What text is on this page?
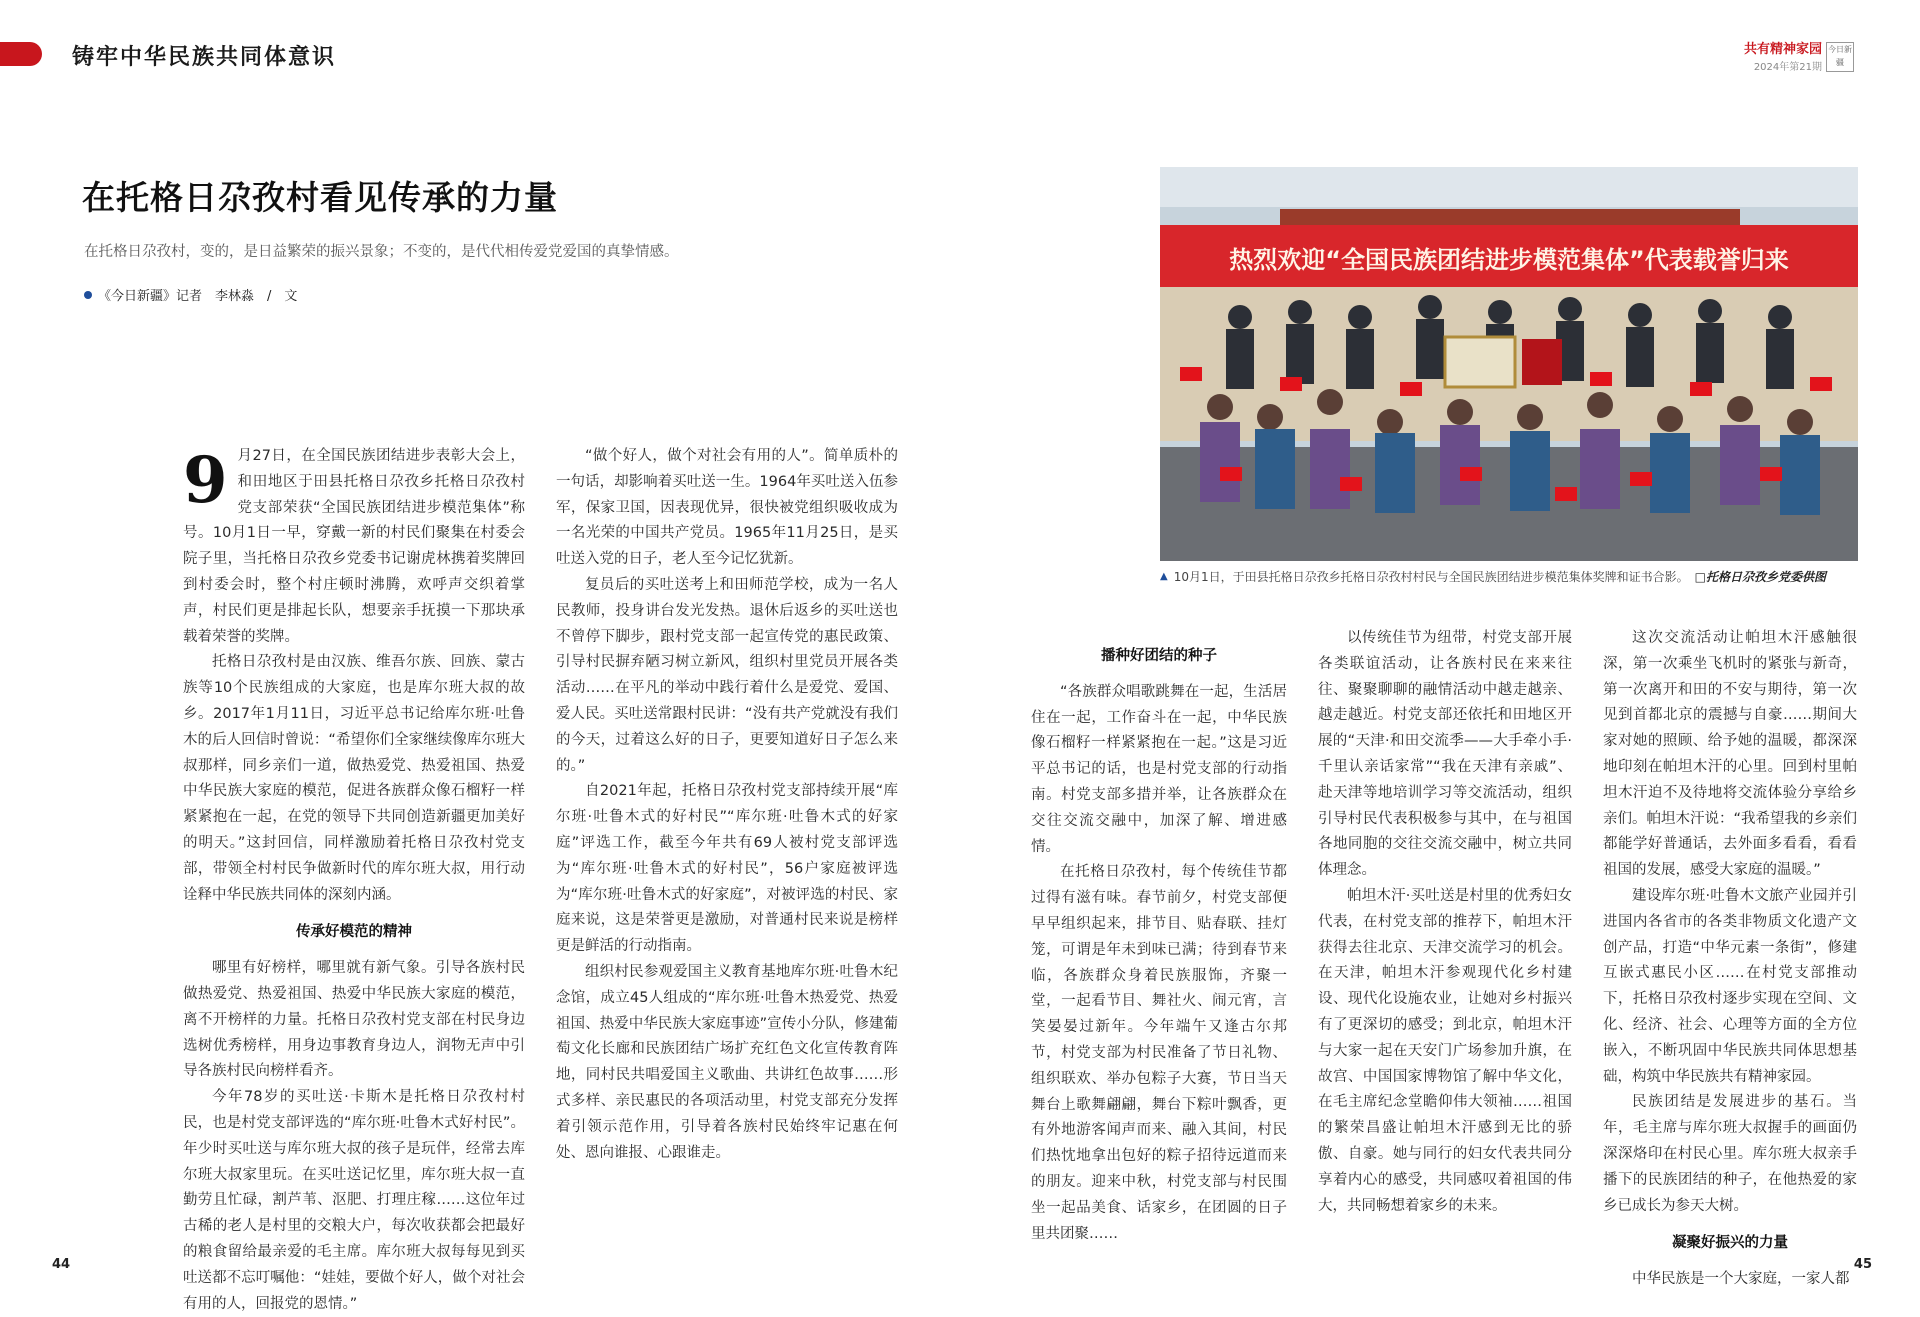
铸牢中华民族共同体意识	共有精神家园
2024年第21期
今日新疆
在托格日尕孜村看见传承的力量
在托格日尕孜村，变的，是日益繁荣的振兴景象；不变的，是代代相传爱党爱国的真挚情感。
《今日新疆》记者　李林淼　/　文
热烈欢迎“全国民族团结进步模范集体”代表载誉归来
▲ 10月1日，于田县托格日尕孜乡托格日尕孜村村民与全国民族团结进步模范集体奖牌和证书合影。 □托格日尕孜乡党委供图

9 月27日，在全国民族团结进步表彰大会上，和田地区于田县托格日尕孜乡托格日尕孜村党支部荣获“全国民族团结进步模范集体”称号。10月1日一早，穿戴一新的村民们聚集在村委会院子里，当托格日尕孜乡党委书记谢虎林携着奖牌回到村委会时，整个村庄顿时沸腾，欢呼声交织着掌声，村民们更是排起长队，想要亲手抚摸一下那块承载着荣誉的奖牌。

托格日尕孜村是由汉族、维吾尔族、回族、蒙古族等10个民族组成的大家庭，也是库尔班大叔的故乡。2017年1月11日，习近平总书记给库尔班·吐鲁木的后人回信时曾说：“希望你们全家继续像库尔班大叔那样，同乡亲们一道，做热爱党、热爱祖国、热爱中华民族大家庭的模范，促进各族群众像石榴籽一样紧紧抱在一起，在党的领导下共同创造新疆更加美好的明天。”这封回信，同样激励着托格日尕孜村党支部，带领全村村民争做新时代的库尔班大叔，用行动诠释中华民族共同体的深刻内涵。

传承好模范的精神

哪里有好榜样，哪里就有新气象。引导各族村民做热爱党、热爱祖国、热爱中华民族大家庭的模范，离不开榜样的力量。托格日尕孜村党支部在村民身边选树优秀榜样，用身边事教育身边人，润物无声中引导各族村民向榜样看齐。

今年78岁的买吐送·卡斯木是托格日尕孜村村民，也是村党支部评选的“库尔班·吐鲁木式好村民”。年少时买吐送与库尔班大叔的孩子是玩伴，经常去库尔班大叔家里玩。在买吐送记忆里，库尔班大叔一直勤劳且忙碌，割芦苇、沤肥、打理庄稼……这位年过古稀的老人是村里的交粮大户，每次收获都会把最好的粮食留给最亲爱的毛主席。库尔班大叔每每见到买吐送都不忘叮嘱他：“娃娃，要做个好人，做个对社会有用的人，回报党的恩情。”

“做个好人，做个对社会有用的人”。简单质朴的一句话，却影响着买吐送一生。1964年买吐送入伍参军，保家卫国，因表现优异，很快被党组织吸收成为一名光荣的中国共产党员。1965年11月25日，是买吐送入党的日子，老人至今记忆犹新。

复员后的买吐送考上和田师范学校，成为一名人民教师，投身讲台发光发热。退休后返乡的买吐送也不曾停下脚步，跟村党支部一起宣传党的惠民政策、引导村民摒弃陋习树立新风，组织村里党员开展各类活动……在平凡的举动中践行着什么是爱党、爱国、爱人民。买吐送常跟村民讲：“没有共产党就没有我们的今天，过着这么好的日子，更要知道好日子怎么来的。”

自2021年起，托格日尕孜村党支部持续开展“库尔班·吐鲁木式的好村民”“库尔班·吐鲁木式的好家庭”评选工作，截至今年共有69人被村党支部评选为“库尔班·吐鲁木式的好村民”，56户家庭被评选为“库尔班·吐鲁木式的好家庭”，对被评选的村民、家庭来说，这是荣誉更是激励，对普通村民来说是榜样更是鲜活的行动指南。

组织村民参观爱国主义教育基地库尔班·吐鲁木纪念馆，成立45人组成的“库尔班·吐鲁木热爱党、热爱祖国、热爱中华民族大家庭事迹”宣传小分队，修建葡萄文化长廊和民族团结广场扩充红色文化宣传教育阵地，同村民共唱爱国主义歌曲、共讲红色故事……形式多样、亲民惠民的各项活动里，村党支部充分发挥着引领示范作用，引导着各族村民始终牢记惠在何处、恩向谁报、心跟谁走。

播种好团结的种子

“各族群众唱歌跳舞在一起，生活居住在一起，工作奋斗在一起，中华民族像石榴籽一样紧紧抱在一起。”这是习近平总书记的话，也是村党支部的行动指南。村党支部多措并举，让各族群众在交往交流交融中，加深了解、增进感情。

在托格日尕孜村，每个传统佳节都过得有滋有味。春节前夕，村党支部便早早组织起来，排节目、贴春联、挂灯笼，可谓是年未到味已满；待到春节来临，各族群众身着民族服饰，齐聚一堂，一起看节目、舞社火、闹元宵，言笑晏晏过新年。今年端午又逢古尔邦节，村党支部为村民准备了节日礼物、组织联欢、举办包粽子大赛，节日当天舞台上歌舞翩翩，舞台下粽叶飘香，更有外地游客闻声而来、融入其间，村民们热忱地拿出包好的粽子招待远道而来的朋友。迎来中秋，村党支部与村民围坐一起品美食、话家乡，在团圆的日子里共团聚……

以传统佳节为纽带，村党支部开展各类联谊活动，让各族村民在来来往往、聚聚聊聊的融情活动中越走越亲、越走越近。村党支部还依托和田地区开展的“天津·和田交流季——大手牵小手·千里认亲话家常”“我在天津有亲戚”、赴天津等地培训学习等交流活动，组织引导村民代表积极参与其中，在与祖国各地同胞的交往交流交融中，树立共同体理念。

帕坦木汗·买吐送是村里的优秀妇女代表，在村党支部的推荐下，帕坦木汗获得去往北京、天津交流学习的机会。在天津，帕坦木汗参观现代化乡村建设、现代化设施农业，让她对乡村振兴有了更深切的感受；到北京，帕坦木汗与大家一起在天安门广场参加升旗，在故宫、中国国家博物馆了解中华文化，在毛主席纪念堂瞻仰伟大领袖……祖国的繁荣昌盛让帕坦木汗感到无比的骄傲、自豪。她与同行的妇女代表共同分享着内心的感受，共同感叹着祖国的伟大，共同畅想着家乡的未来。

这次交流活动让帕坦木汗感触很深，第一次乘坐飞机时的紧张与新奇，第一次离开和田的不安与期待，第一次见到首都北京的震撼与自豪……期间大家对她的照顾、给予她的温暖，都深深地印刻在帕坦木汗的心里。回到村里帕坦木汗迫不及待地将交流体验分享给乡亲们。帕坦木汗说：“我希望我的乡亲们都能学好普通话，去外面多看看，看看祖国的发展，感受大家庭的温暖。”

建设库尔班·吐鲁木文旅产业园并引进国内各省市的各类非物质文化遗产文创产品，打造“中华元素一条街”，修建互嵌式惠民小区……在村党支部推动下，托格日尕孜村逐步实现在空间、文化、经济、社会、心理等方面的全方位嵌入，不断巩固中华民族共同体思想基础，构筑中华民族共有精神家园。

民族团结是发展进步的基石。当年，毛主席与库尔班大叔握手的画面仍深深烙印在村民心里。库尔班大叔亲手播下的民族团结的种子，在他热爱的家乡已成长为参天大树。

凝聚好振兴的力量

中华民族是一个大家庭，一家人都

44	45
